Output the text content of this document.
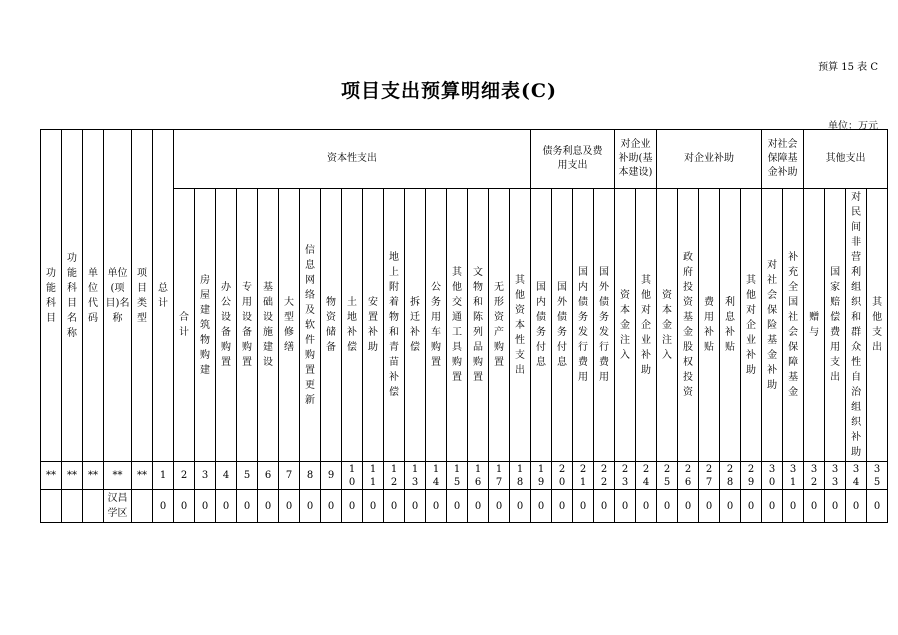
预算 15 表 C
项目支出预算明细表(C)
单位：万元
功能科目	功能科目名称	单位代码	单位(项目)名称	项目类型	总计	资本性支出																	债务利息及费用支出				对企业补助(基本建设)		对企业补助					对社会保障基金补助		其他支出			
						合计	房屋建筑物购建	办公设备购置	专用设备购置	基础设施建设	大型修缮	信息网络及软件购置更新	物资储备	土地补偿	安置补助	地上附着物和青苗补偿	拆迁补偿	公务用车购置	其他交通工具购置	文物和陈列品购置	无形资产购置	其他资本性支出	国内债务付息	国外债务付息	国内债务发行费用	国外债务发行费用	资本金注入	其他对企业补助	资本金注入	政府投资基金股权投资	费用补贴	利息补贴	其他对企业补助	对社会保险基金补助	补充全国社会保障基金	赠与	国家赔偿费用支出	对民间非营利组织和群众性自治组织补助	其他支出
**	**	**	**	**	1	2	3	4	5	6	7	8	9	10	11	12	13	14	15	16	17	18	19	20	21	22	23	24	25	26	27	28	29	30	31	32	33	34	35
			汉昌学区		0	0	0	0	0	0	0	0	0	0	0	0	0	0	0	0	0	0	0	0	0	0	0	0	0	0	0	0	0	0	0	0	0	0	0
